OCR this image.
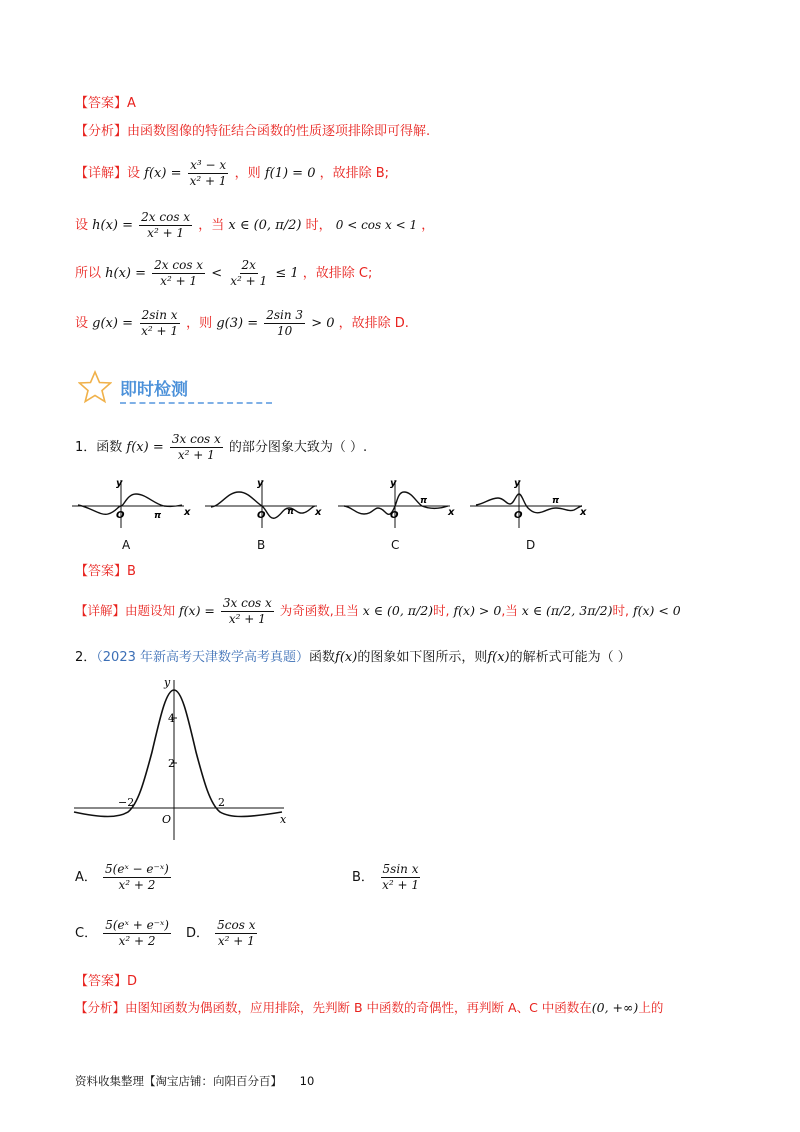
【答案】A
【分析】由函数图像的特征结合函数的性质逐项排除即可得解.
【详解】设 $f(x) = \frac{\text{x³ − x}}{\text{x² + 1}}$ ，则 f(1) = 0 ，故排除 B;
设 $h(x) = \frac{\text{2x cos x}}{\text{x² + 1}}$ ，当 x ∈ (0, π/2) 时， 0 < cos x < 1 ，
所以 $h(x) = \frac{\text{2x cos x}}{\text{x² + 1}} < \frac{2x}{\text{x² + 1}} \le 1$ ，故排除 C;
设 $g(x) = \frac{\text{2sin x}}{\text{x² + 1}}$ ，则 $g(3) = \frac{2\sin 3}{10} > 0$ ，故排除 D.
即时检测
1．函数 $f(x) = \frac{\text{3x cos x}}{\text{x² + 1}}$ 的部分图象大致为（ ）.
y
O	π x
y
O π x
y
O
π
x
y
O
π
x
A	B	C	D
【答案】B
【详解】由题设知 $f(x) = \frac{\text{3x cos x}}{\text{x² + 1}}$ 为奇函数,且当 x ∈ (0, π/2)时, f(x) > 0,当 x ∈ (π/2, 3π/2)时, f(x) < 0
2．（2023 年新高考天津数学高考真题）函数f(x)的图象如下图所示，则f(x)的解析式可能为（ ）
y
4
2
−2	2
O	x
A． $\frac{\text{5(eˣ − e⁻ˣ)}}{\text{x² + 2}}$	B． $\frac{\text{5sin x}}{\text{x² + 1}}$
C． $\frac{\text{5(eˣ + e⁻ˣ)}}{\text{x² + 2}}$ D． $\frac{\text{5cos x}}{\text{x² + 1}}$
【答案】D
【分析】由图知函数为偶函数，应用排除，先判断 B 中函数的奇偶性，再判断 A、C 中函数在(0, +∞)上的
资料收集整理【淘宝店铺：向阳百分百】 10
